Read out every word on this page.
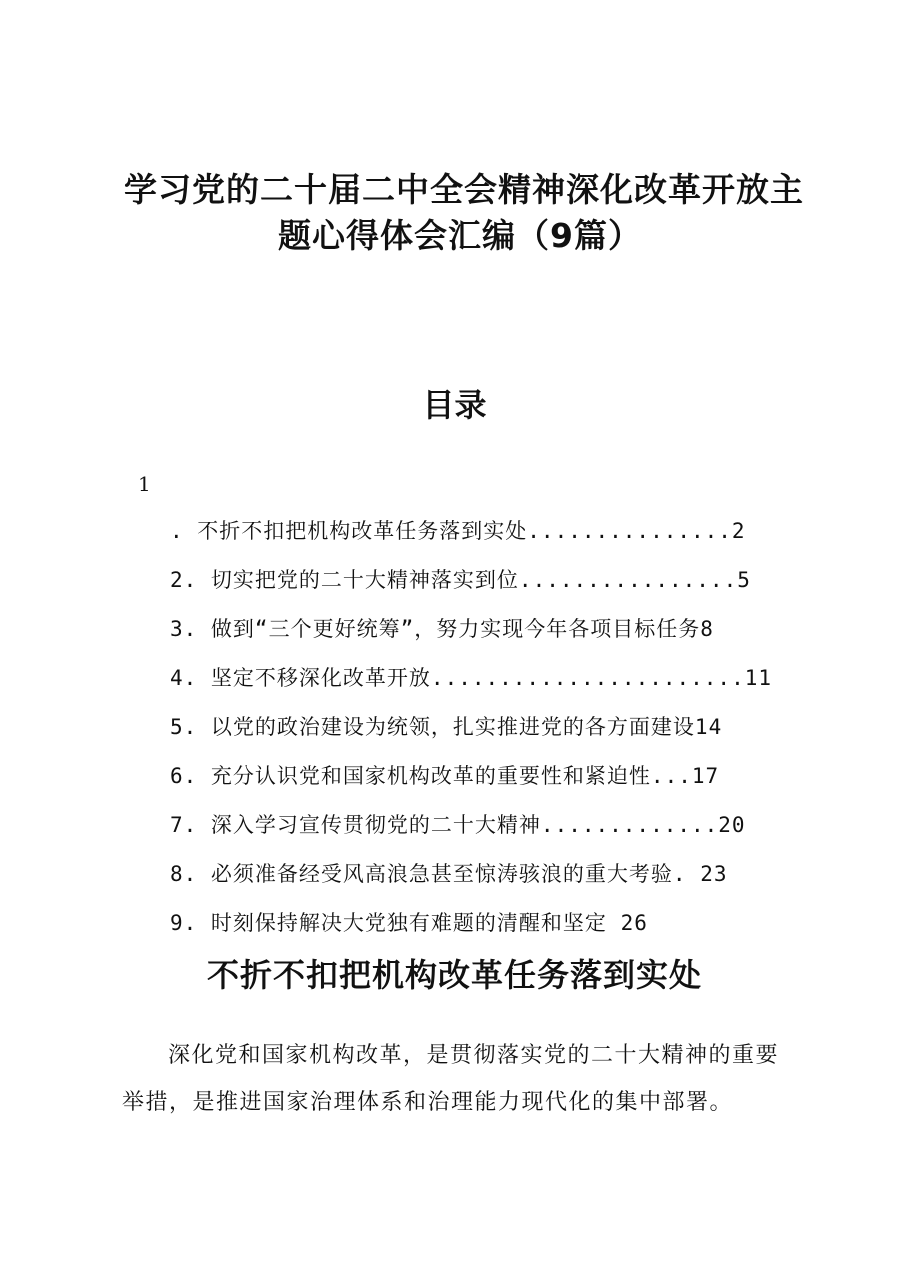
学习党的二十届二中全会精神深化改革开放主
题心得体会汇编（9篇）
目录
1
. 不折不扣把机构改革任务落到实处...............2
2. 切实把党的二十大精神落实到位................5
3. 做到“三个更好统筹”，努力实现今年各项目标任务8
4. 坚定不移深化改革开放.......................11
5. 以党的政治建设为统领，扎实推进党的各方面建设14
6. 充分认识党和国家机构改革的重要性和紧迫性...17
7. 深入学习宣传贯彻党的二十大精神.............20
8. 必须准备经受风高浪急甚至惊涛骇浪的重大考验. 23
9. 时刻保持解决大党独有难题的清醒和坚定 26
不折不扣把机构改革任务落到实处

深化党和国家机构改革，是贯彻落实党的二十大精神的重要举措，是推进国家治理体系和治理能力现代化的集中部署。
